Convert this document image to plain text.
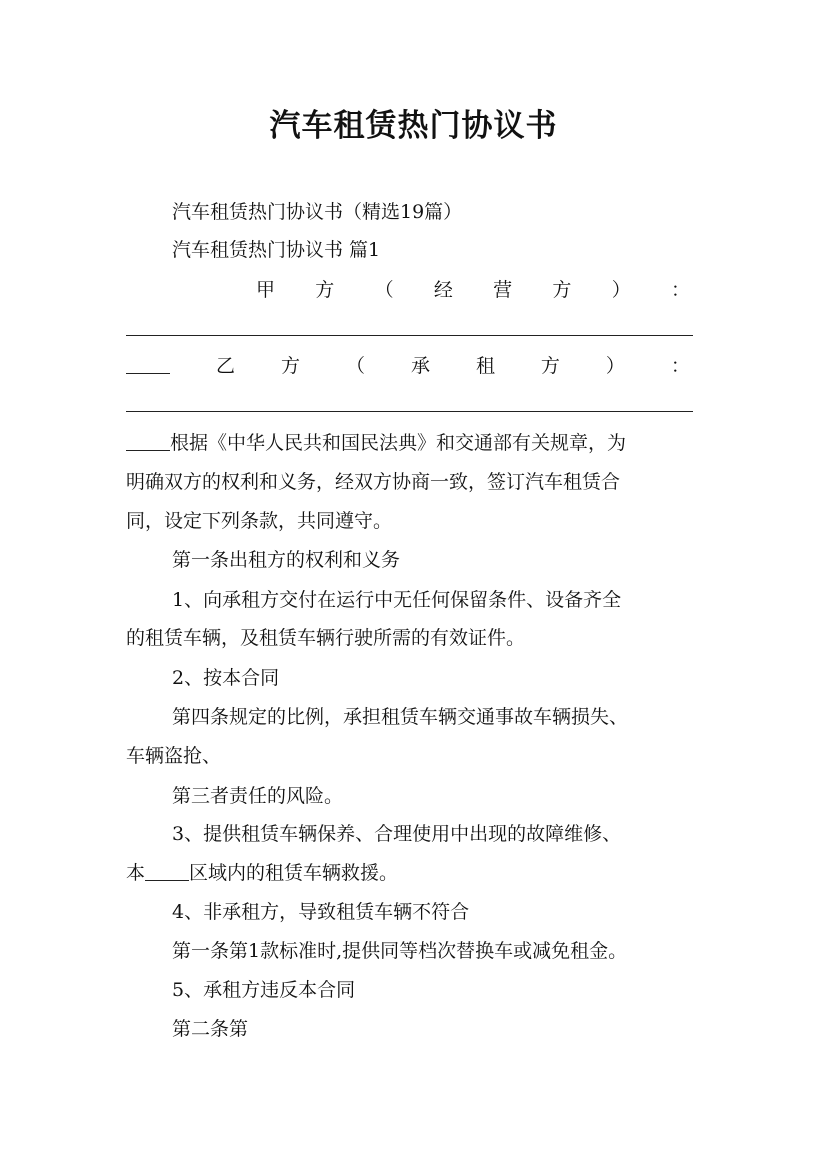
汽车租赁热门协议书
汽车租赁热门协议书（精选19篇）
汽车租赁热门协议书 篇1
甲 方 （ 经 营 方 ） ：
乙 方 （ 承 租 方 ） ：
根据《中华人民共和国民法典》和交通部有关规章，为
明确双方的权利和义务，经双方协商一致，签订汽车租赁合
同，设定下列条款，共同遵守。
第一条出租方的权利和义务
1、向承租方交付在运行中无任何保留条件、设备齐全
的租赁车辆，及租赁车辆行驶所需的有效证件。
2、按本合同
第四条规定的比例，承担租赁车辆交通事故车辆损失、
车辆盗抢、
第三者责任的风险。
3、提供租赁车辆保养、合理使用中出现的故障维修、
本 区域内的租赁车辆救援。
4、非承租方，导致租赁车辆不符合
第一条第1款标准时,提供同等档次替换车或减免租金。
5、承租方违反本合同
第二条第
